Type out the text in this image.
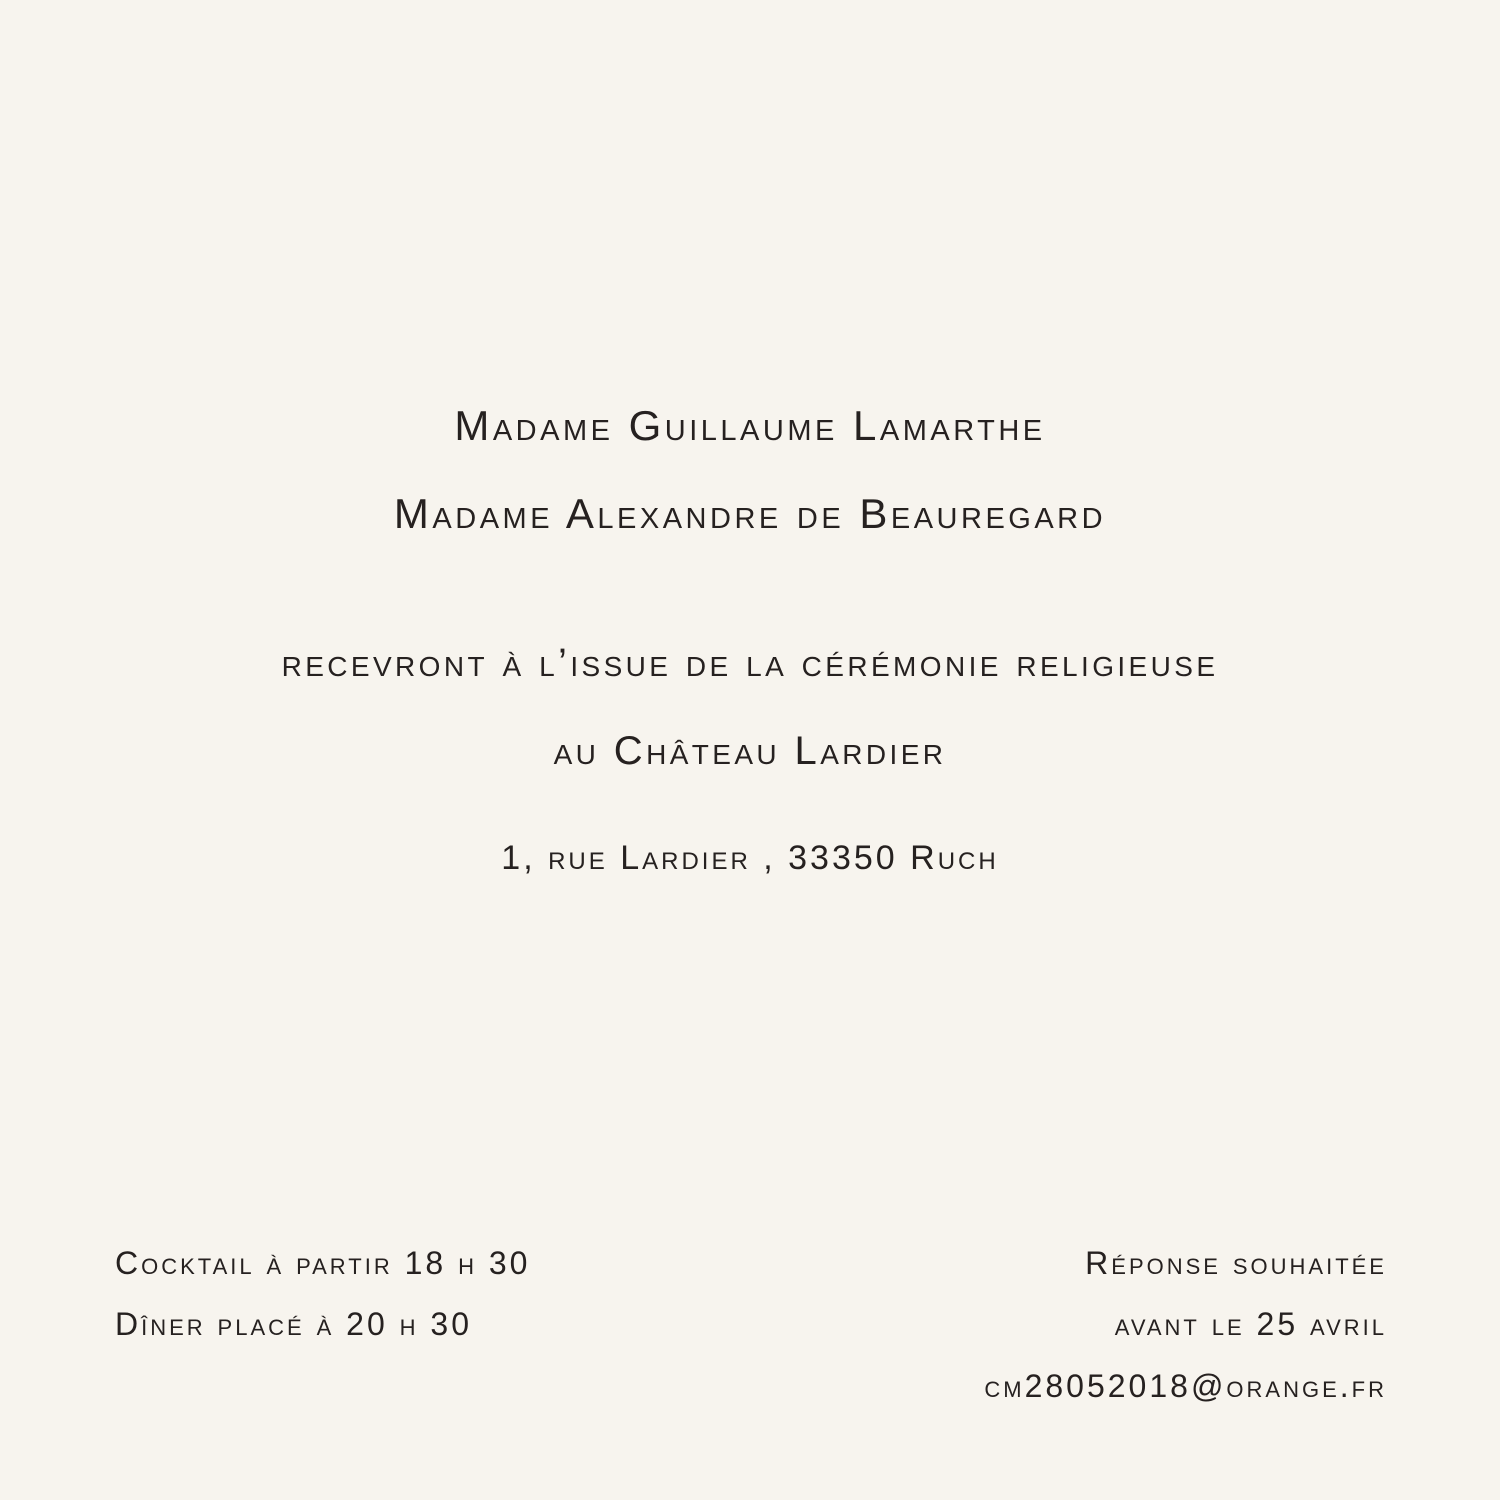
Madame Guillaume Lamarthe
Madame Alexandre de Beauregard
recevront à l’issue de la cérémonie religieuse
au Château Lardier
1, rue Lardier , 33350 Ruch
Cocktail à partir 18 h 30
Dîner placé à 20 h 30
Réponse souhaitée
avant le 25 avril
cm28052018@orange.fr
